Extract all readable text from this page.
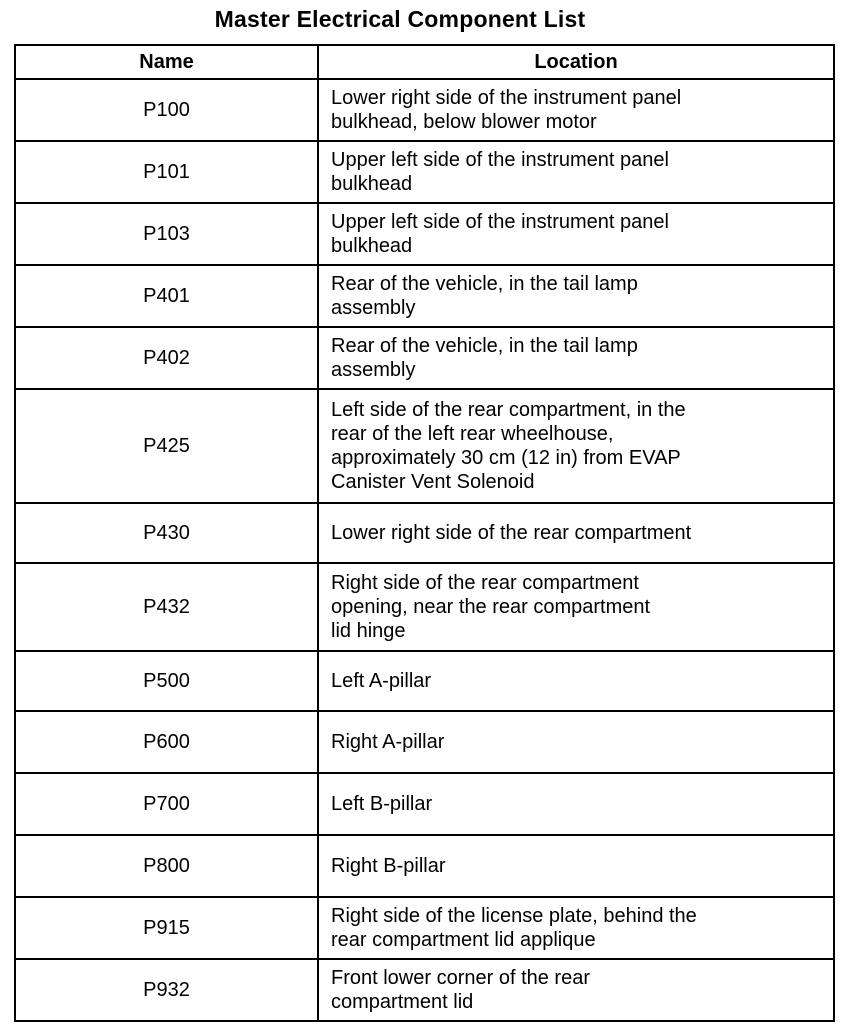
Master Electrical Component List
Name	Location
P100	Lower right side of the instrument panel
bulkhead, below blower motor

P101	Upper left side of the instrument panel
bulkhead

P103	Upper left side of the instrument panel
bulkhead

P401	Rear of the vehicle, in the tail lamp
assembly

P402	Rear of the vehicle, in the tail lamp
assembly

P425	Left side of the rear compartment, in the
rear of the left rear wheelhouse,
approximately 30 cm (12 in) from EVAP
Canister Vent Solenoid

P430	Lower right side of the rear compartment

P432	Right side of the rear compartment
opening, near the rear compartment
lid hinge

P500	Left A-pillar

P600	Right A-pillar

P700	Left B-pillar

P800	Right B-pillar

P915	Right side of the license plate, behind the
rear compartment lid applique

P932	Front lower corner of the rear
compartment lid
